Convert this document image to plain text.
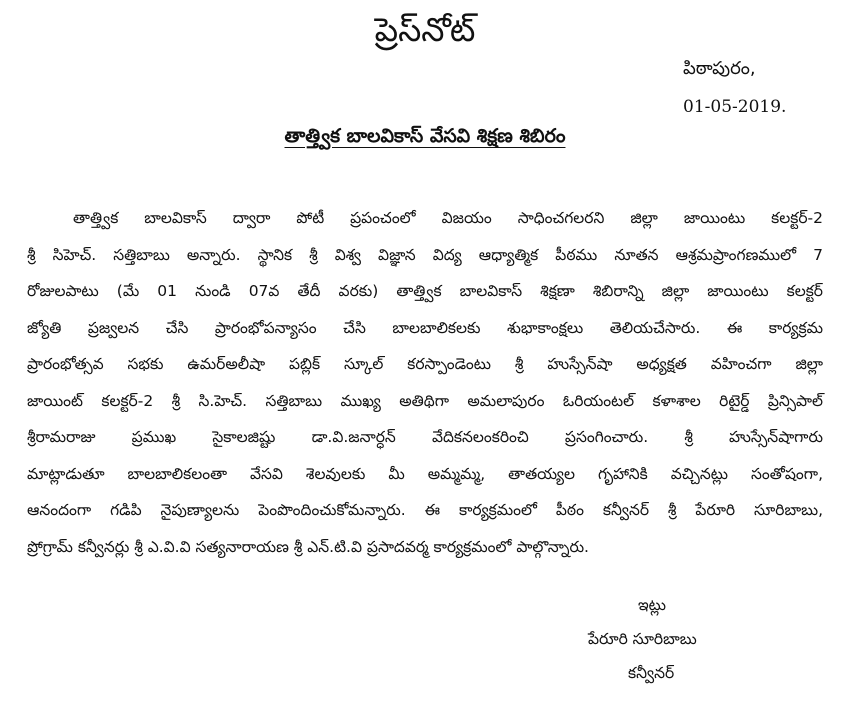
ప్రెస్‌నోట్
పిఠాపురం,
01-05-2019.
తాత్త్విక బాలవికాస్ వేసవి శిక్షణ శిబిరం
తాత్త్విక బాలవికాస్ ద్వారా పోటీ ప్రపంచంలో విజయం సాధించగలరని జిల్లా జాయింటు కలక్టర్-2
శ్రీ సిహెచ్. సత్తిబాబు అన్నారు. స్థానిక శ్రీ విశ్వ విజ్ఞాన విద్య ఆధ్యాత్మిక పీఠము నూతన ఆశ్రమప్రాంగణములో 7
రోజులపాటు (మే 01 నుండి 07వ తేదీ వరకు) తాత్త్విక బాలవికాస్ శిక్షణా శిబిరాన్ని జిల్లా జాయింటు కలక్టర్
జ్యోతి ప్రజ్వలన చేసి ప్రారంభోపన్యాసం చేసి బాలబాలికలకు శుభాకాంక్షలు తెలియచేసారు. ఈ కార్యక్రమ
ప్రారంభోత్సవ సభకు ఉమర్‌అలీషా పబ్లిక్ స్కూల్ కరస్పాండెంటు శ్రీ హుస్సేన్‌షా అధ్యక్షత వహించగా జిల్లా
జాయింట్ కలక్టర్-2 శ్రీ సి.హెచ్. సత్తిబాబు ముఖ్య అతిథిగా అమలాపురం ఓరియంటల్ కళాశాల రిటైర్డ్ ప్రిన్సిపాల్
శ్రీరామరాజు ప్రముఖ సైకాలజిష్టు డా.వి.జనార్ధన్ వేదికనలంకరించి ప్రసంగించారు. శ్రీ హుస్సేన్‌షాగారు
మాట్లాడుతూ బాలబాలికలంతా వేసవి శెలవులకు మీ అమ్మమ్మ, తాతయ్యల గృహానికి వచ్చినట్లు సంతోషంగా,
ఆనందంగా గడిపి నైపుణ్యాలను పెంపొందించుకోమన్నారు. ఈ కార్యక్రమంలో పీఠం కన్వీనర్ శ్రీ పేరూరి సూరిబాబు,
ప్రోగ్రామ్ కన్వీనర్లు శ్రీ ఎ.వి.వి సత్యనారాయణ శ్రీ ఎన్.టి.వి ప్రసాదవర్మ కార్యక్రమంలో పాల్గొన్నారు.
ఇట్లు
పేరూరి సూరిబాబు
కన్వీనర్
